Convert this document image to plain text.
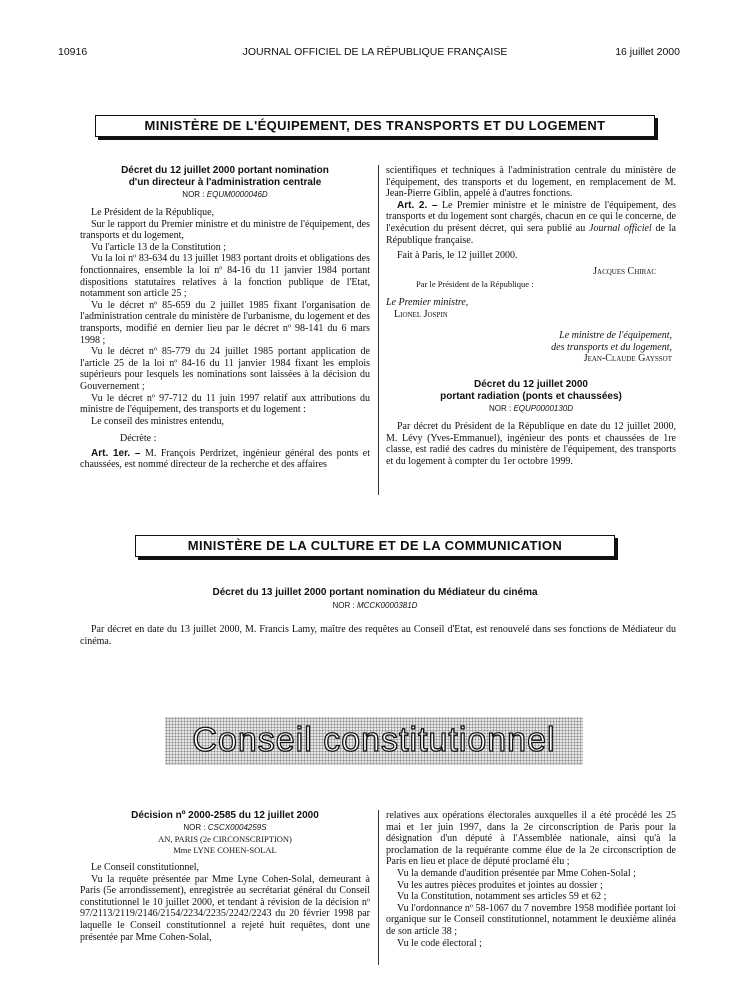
10916	JOURNAL OFFICIEL DE LA RÉPUBLIQUE FRANÇAISE	16 juillet 2000
MINISTÈRE DE L'ÉQUIPEMENT, DES TRANSPORTS ET DU LOGEMENT
Décret du 12 juillet 2000 portant nomination
d'un directeur à l'administration centrale
NOR : EQUM0000046D

Le Président de la République,

Sur le rapport du Premier ministre et du ministre de l'équipement, des transports et du logement,

Vu l'article 13 de la Constitution ;

Vu la loi nº 83-634 du 13 juillet 1983 portant droits et obligations des fonctionnaires, ensemble la loi nº 84-16 du 11 janvier 1984 portant dispositions statutaires relatives à la fonction publique de l'Etat, notamment son article 25 ;

Vu le décret nº 85-659 du 2 juillet 1985 fixant l'organisation de l'administration centrale du ministère de l'urbanisme, du logement et des transports, modifié en dernier lieu par le décret nº 98-141 du 6 mars 1998 ;

Vu le décret nº 85-779 du 24 juillet 1985 portant application de l'article 25 de la loi nº 84-16 du 11 janvier 1984 fixant les emplois supérieurs pour lesquels les nominations sont laissées à la décision du Gouvernement ;

Vu le décret nº 97-712 du 11 juin 1997 relatif aux attributions du ministre de l'équipement, des transports et du logement :

Le conseil des ministres entendu,

Décrète :

Art. 1er. – M. François Perdrizet, ingénieur général des ponts et chaussées, est nommé directeur de la recherche et des affaires

scientifiques et techniques à l'administration centrale du ministère de l'équipement, des transports et du logement, en remplacement de M. Jean-Pierre Giblin, appelé à d'autres fonctions.

Art. 2. – Le Premier ministre et le ministre de l'équipement, des transports et du logement sont chargés, chacun en ce qui le concerne, de l'exécution du présent décret, qui sera publié au Journal officiel de la République française.

Fait à Paris, le 12 juillet 2000.

Jacques Chirac
Par le Président de la République :
Le Premier ministre,
Lionel Jospin
Le ministre de l'équipement,
des transports et du logement,
Jean-Claude Gayssot
Décret du 12 juillet 2000
portant radiation (ponts et chaussées)
NOR : EQUP0000130D

Par décret du Président de la République en date du 12 juillet 2000, M. Lévy (Yves-Emmanuel), ingénieur des ponts et chaussées de 1re classe, est radié des cadres du ministère de l'équipement, des transports et du logement à compter du 1er octobre 1999.

MINISTÈRE DE LA CULTURE ET DE LA COMMUNICATION
Décret du 13 juillet 2000 portant nomination du Médiateur du cinéma
NOR : MCCK0000381D

Par décret en date du 13 juillet 2000, M. Francis Lamy, maître des requêtes au Conseil d'Etat, est renouvelé dans ses fonctions de Médiateur du cinéma.

Conseil constitutionnel
Décision nº 2000-2585 du 12 juillet 2000
NOR : CSCX0004259S
AN, PARIS (2e CIRCONSCRIPTION)
Mme LYNE COHEN-SOLAL

Le Conseil constitutionnel,

Vu la requête présentée par Mme Lyne Cohen-Solal, demeurant à Paris (5e arrondissement), enregistrée au secrétariat général du Conseil constitutionnel le 10 juillet 2000, et tendant à révision de la décision nº 97/2113/2119/2146/2154/2234/2235/2242/2243 du 20 février 1998 par laquelle le Conseil constitutionnel a rejeté huit requêtes, dont une présentée par Mme Cohen-Solal,

relatives aux opérations électorales auxquelles il a été procédé les 25 mai et 1er juin 1997, dans la 2e circonscription de Paris pour la désignation d'un député à l'Assemblée nationale, ainsi qu'à la proclamation de la requérante comme élue de la 2e circonscription de Paris en lieu et place de député proclamé élu ;

Vu la demande d'audition présentée par Mme Cohen-Solal ;

Vu les autres pièces produites et jointes au dossier ;

Vu la Constitution, notamment ses articles 59 et 62 ;

Vu l'ordonnance nº 58-1067 du 7 novembre 1958 modifiée portant loi organique sur le Conseil constitutionnel, notamment le deuxième alinéa de son article 38 ;

Vu le code électoral ;
